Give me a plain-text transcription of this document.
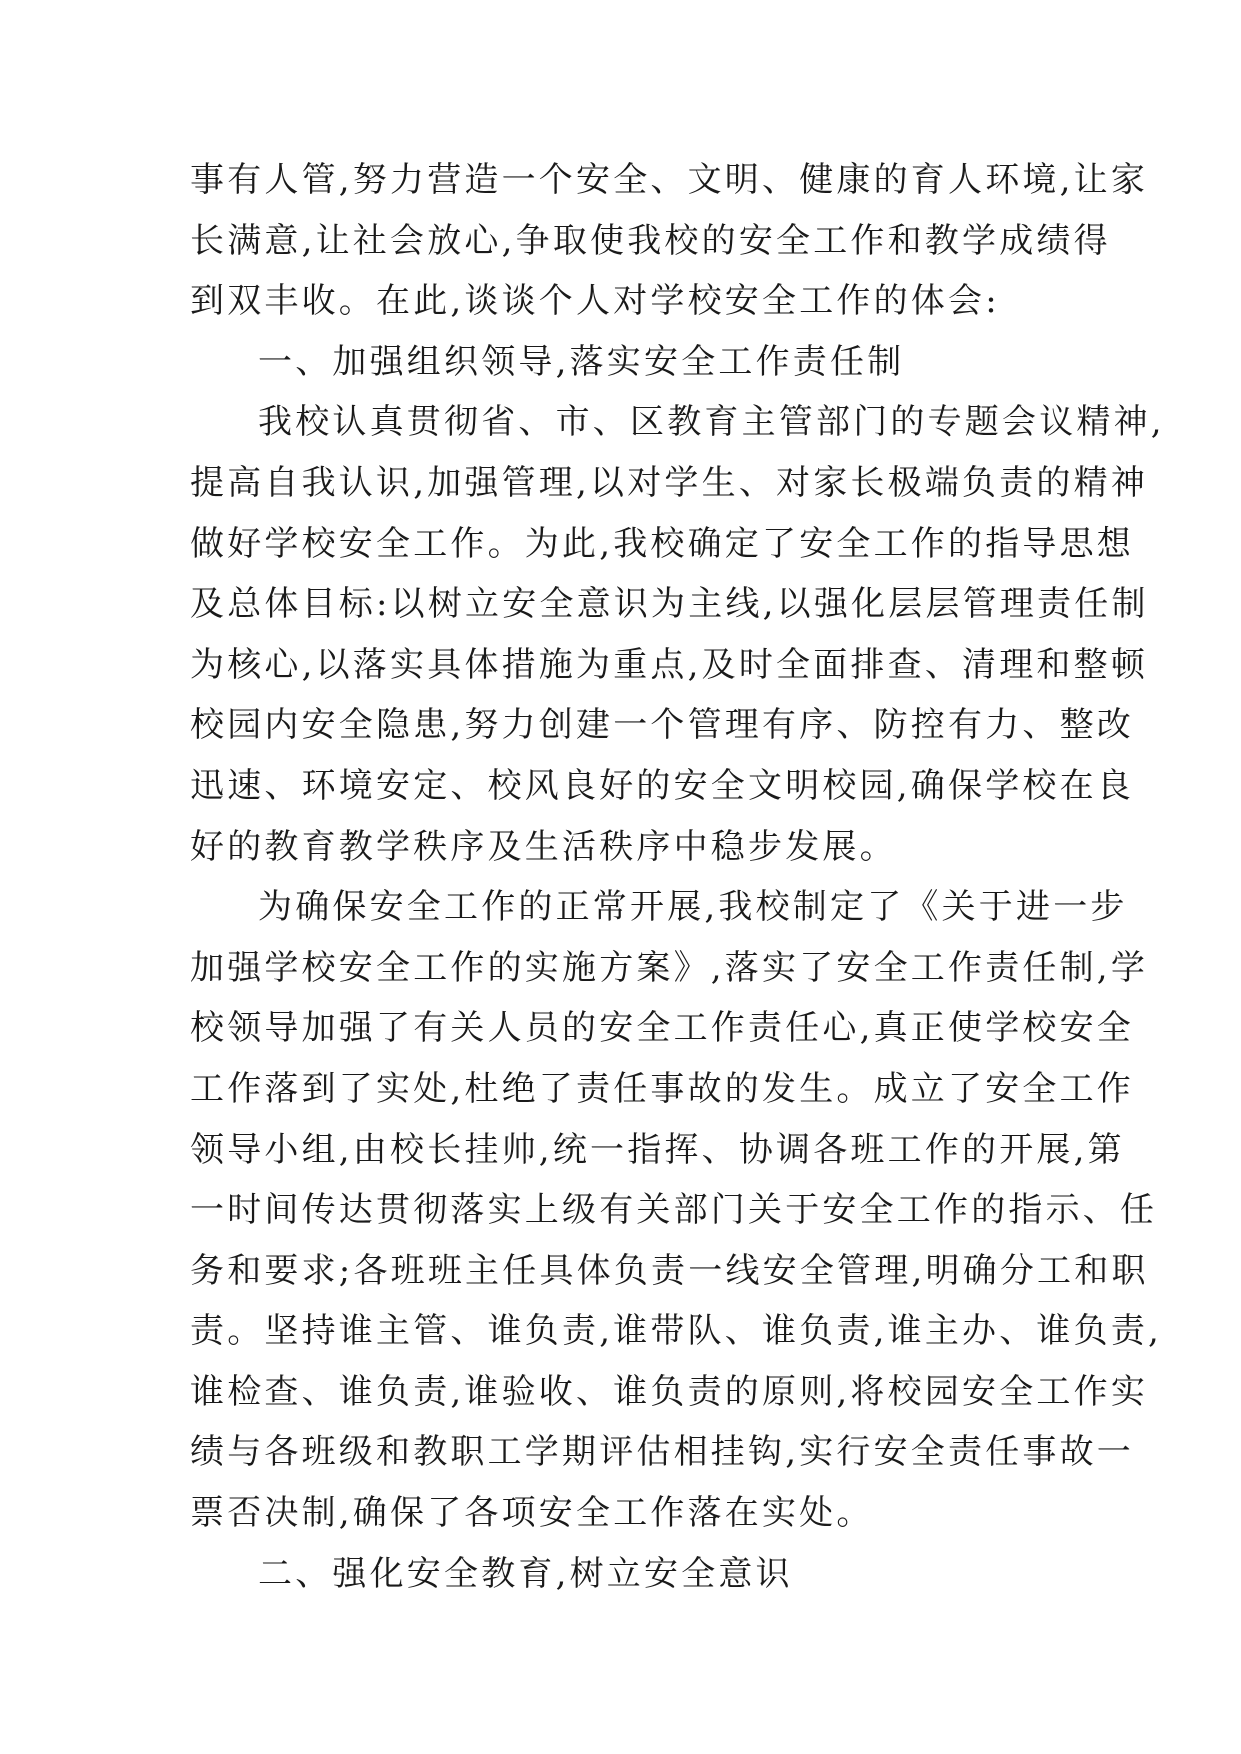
事有人管,努力营造一个安全、文明、健康的育人环境,让家
长满意,让社会放心,争取使我校的安全工作和教学成绩得
到双丰收。在此,谈谈个人对学校安全工作的体会:
一、加强组织领导,落实安全工作责任制
我校认真贯彻省、市、区教育主管部门的专题会议精神,
提高自我认识,加强管理,以对学生、对家长极端负责的精神
做好学校安全工作。为此,我校确定了安全工作的指导思想
及总体目标:以树立安全意识为主线,以强化层层管理责任制
为核心,以落实具体措施为重点,及时全面排查、清理和整顿
校园内安全隐患,努力创建一个管理有序、防控有力、整改
迅速、环境安定、校风良好的安全文明校园,确保学校在良
好的教育教学秩序及生活秩序中稳步发展。
为确保安全工作的正常开展,我校制定了《关于进一步
加强学校安全工作的实施方案》,落实了安全工作责任制,学
校领导加强了有关人员的安全工作责任心,真正使学校安全
工作落到了实处,杜绝了责任事故的发生。成立了安全工作
领导小组,由校长挂帅,统一指挥、协调各班工作的开展,第
一时间传达贯彻落实上级有关部门关于安全工作的指示、任
务和要求;各班班主任具体负责一线安全管理,明确分工和职
责。坚持谁主管、谁负责,谁带队、谁负责,谁主办、谁负责,
谁检查、谁负责,谁验收、谁负责的原则,将校园安全工作实
绩与各班级和教职工学期评估相挂钩,实行安全责任事故一
票否决制,确保了各项安全工作落在实处。
二、强化安全教育,树立安全意识
